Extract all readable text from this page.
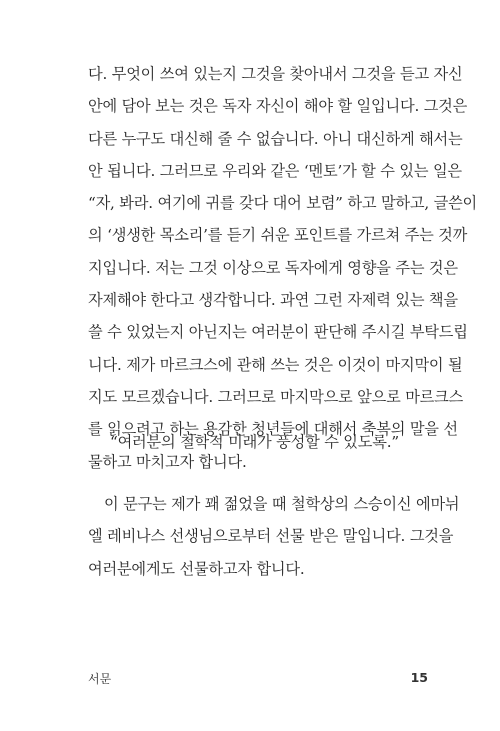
다. 무엇이 쓰여 있는지 그것을 찾아내서 그것을 듣고 자신
안에 담아 보는 것은 독자 자신이 해야 할 일입니다. 그것은
다른 누구도 대신해 줄 수 없습니다. 아니 대신하게 해서는
안 됩니다. 그러므로 우리와 같은 ‘멘토’가 할 수 있는 일은
“자, 봐라. 여기에 귀를 갖다 대어 보렴” 하고 말하고, 글쓴이
의 ‘생생한 목소리’를 듣기 쉬운 포인트를 가르쳐 주는 것까
지입니다. 저는 그것 이상으로 독자에게 영향을 주는 것은
자제해야 한다고 생각합니다. 과연 그런 자제력 있는 책을
쓸 수 있었는지 아닌지는 여러분이 판단해 주시길 부탁드립
니다. 제가 마르크스에 관해 쓰는 것은 이것이 마지막이 될
지도 모르겠습니다. 그러므로 마지막으로 앞으로 마르크스
를 읽으려고 하는 용감한 청년들에 대해서 축복의 말을 선
물하고 마치고자 합니다.
“여러분의 철학적 미래가 풍성할 수 있도록.”
이 문구는 제가 꽤 젊었을 때 철학상의 스승이신 에마뉘
엘 레비나스 선생님으로부터 선물 받은 말입니다. 그것을
여러분에게도 선물하고자 합니다.
서문	15
